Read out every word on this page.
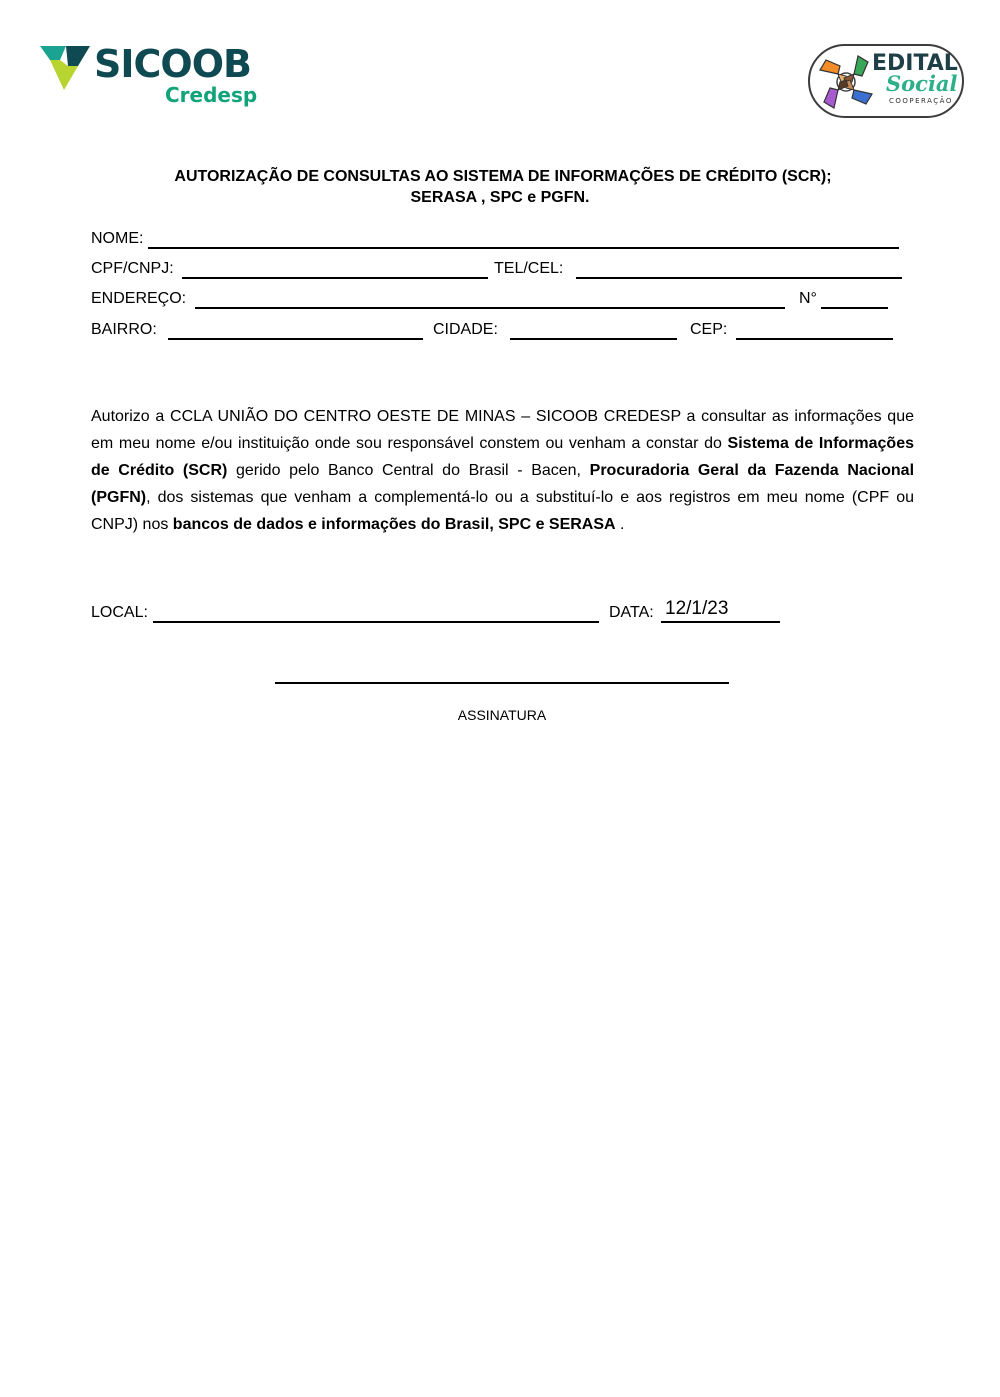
SICOOB
Credesp
EDITAL
Social
COOPERAÇÃO
AUTORIZAÇÃO DE CONSULTAS AO SISTEMA DE INFORMAÇÕES DE CRÉDITO (SCR);
SERASA , SPC e PGFN.
NOME:
CPF/CNPJ:	TEL/CEL:
ENDEREÇO:	N°
BAIRRO:	CIDADE:	CEP:
Autorizo a CCLA UNIÃO DO CENTRO OESTE DE MINAS – SICOOB CREDESP a consultar as informações que em meu nome e/ou instituição onde sou responsável constem ou venham a constar do Sistema de Informações de Crédito (SCR) gerido pelo Banco Central do Brasil - Bacen, Procuradoria Geral da Fazenda Nacional (PGFN), dos sistemas que venham a complementá-lo ou a substituí-lo e aos registros em meu nome (CPF ou CNPJ) nos bancos de dados e informações do Brasil, SPC e SERASA .
LOCAL:	DATA: 12/1/23
ASSINATURA
